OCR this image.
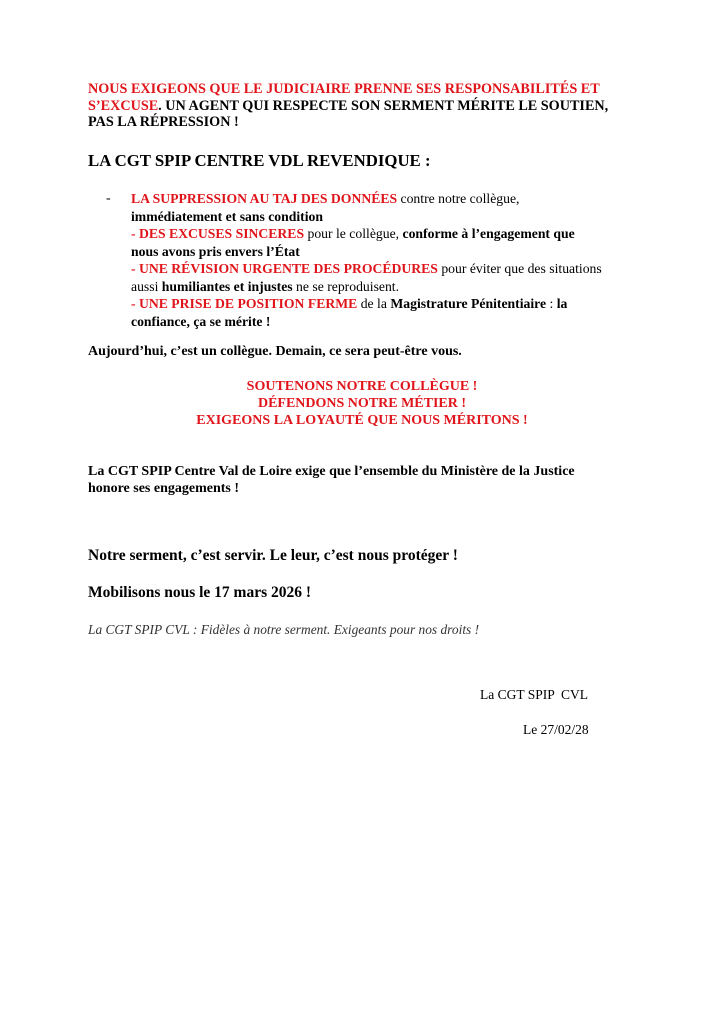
NOUS EXIGEONS QUE LE JUDICIAIRE PRENNE SES RESPONSABILITÉS ET
S’EXCUSE. UN AGENT QUI RESPECTE SON SERMENT MÉRITE LE SOUTIEN,
PAS LA RÉPRESSION !
LA CGT SPIP CENTRE VDL REVENDIQUE :
- LA SUPPRESSION AU TAJ DES DONNÉES contre notre collègue,
immédiatement et sans condition
- DES EXCUSES SINCERES pour le collègue, conforme à l’engagement que
nous avons pris envers l’État
- UNE RÉVISION URGENTE DES PROCÉDURES pour éviter que des situations
aussi humiliantes et injustes ne se reproduisent.
- UNE PRISE DE POSITION FERME de la Magistrature Pénitentiaire : la
confiance, ça se mérite !
Aujourd’hui, c’est un collègue. Demain, ce sera peut-être vous.
SOUTENONS NOTRE COLLÈGUE !
DÉFENDONS NOTRE MÉTIER !
EXIGEONS LA LOYAUTÉ QUE NOUS MÉRITONS !
La CGT SPIP Centre Val de Loire exige que l’ensemble du Ministère de la Justice
honore ses engagements !
Notre serment, c’est servir. Le leur, c’est nous protéger !
Mobilisons nous le 17 mars 2026 !
La CGT SPIP CVL : Fidèles à notre serment. Exigeants pour nos droits !
La CGT SPIP  CVL
Le 27/02/28
